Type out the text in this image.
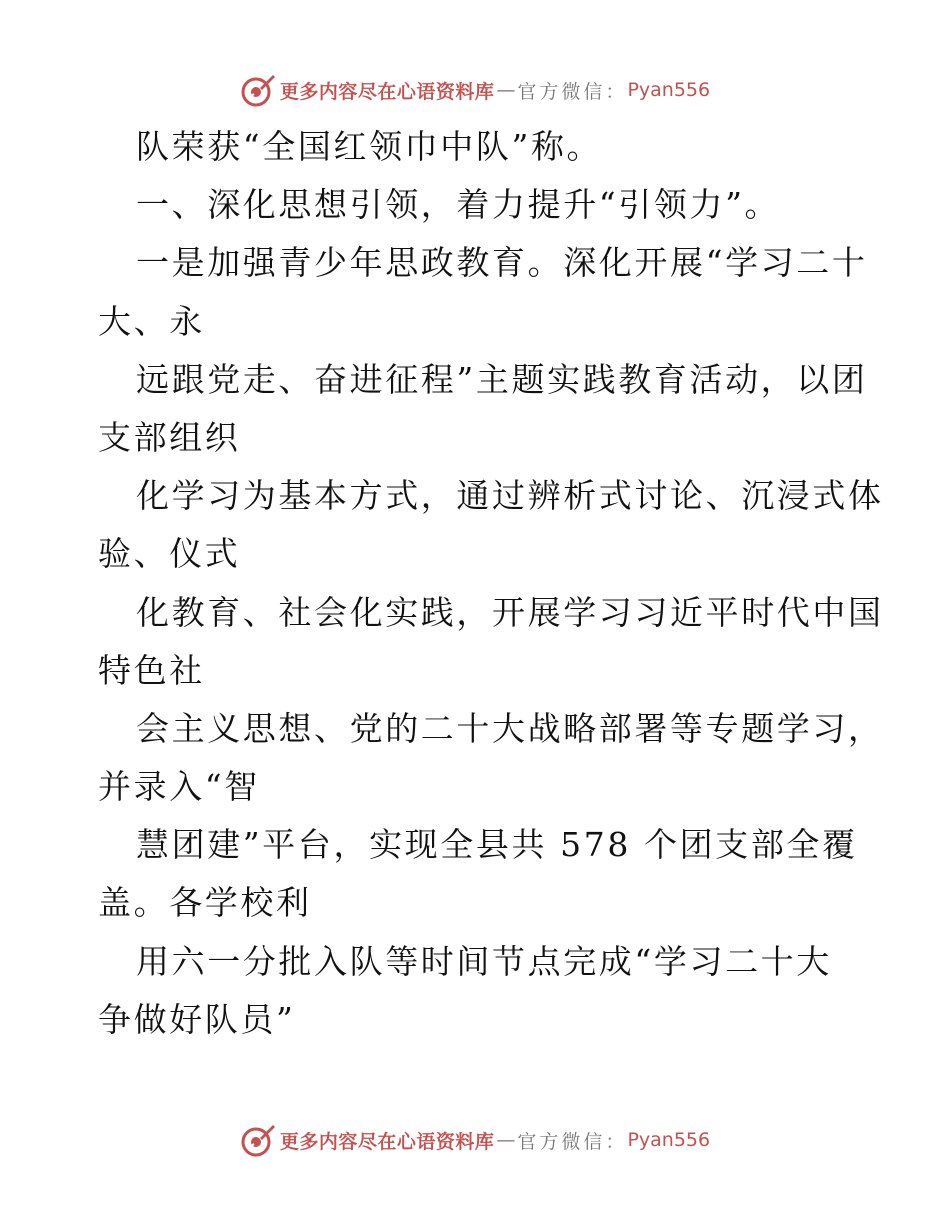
更多内容尽在心语资料库 — 官方微信： Pyan556
队荣获“全国红领巾中队”称。
一、深化思想引领，着力提升“引领力”。
一是加强青少年思政教育。深化开展“学习二十
大、永
远跟党走、奋进征程”主题实践教育活动，以团
支部组织
化学习为基本方式，通过辨析式讨论、沉浸式体
验、仪式
化教育、社会化实践，开展学习习近平时代中国
特色社
会主义思想、党的二十大战略部署等专题学习，
并录入“智
慧团建”平台，实现全县共 578 个团支部全覆
盖。各学校利
用六一分批入队等时间节点完成“学习二十大
争做好队员”
更多内容尽在心语资料库 — 官方微信： Pyan556
